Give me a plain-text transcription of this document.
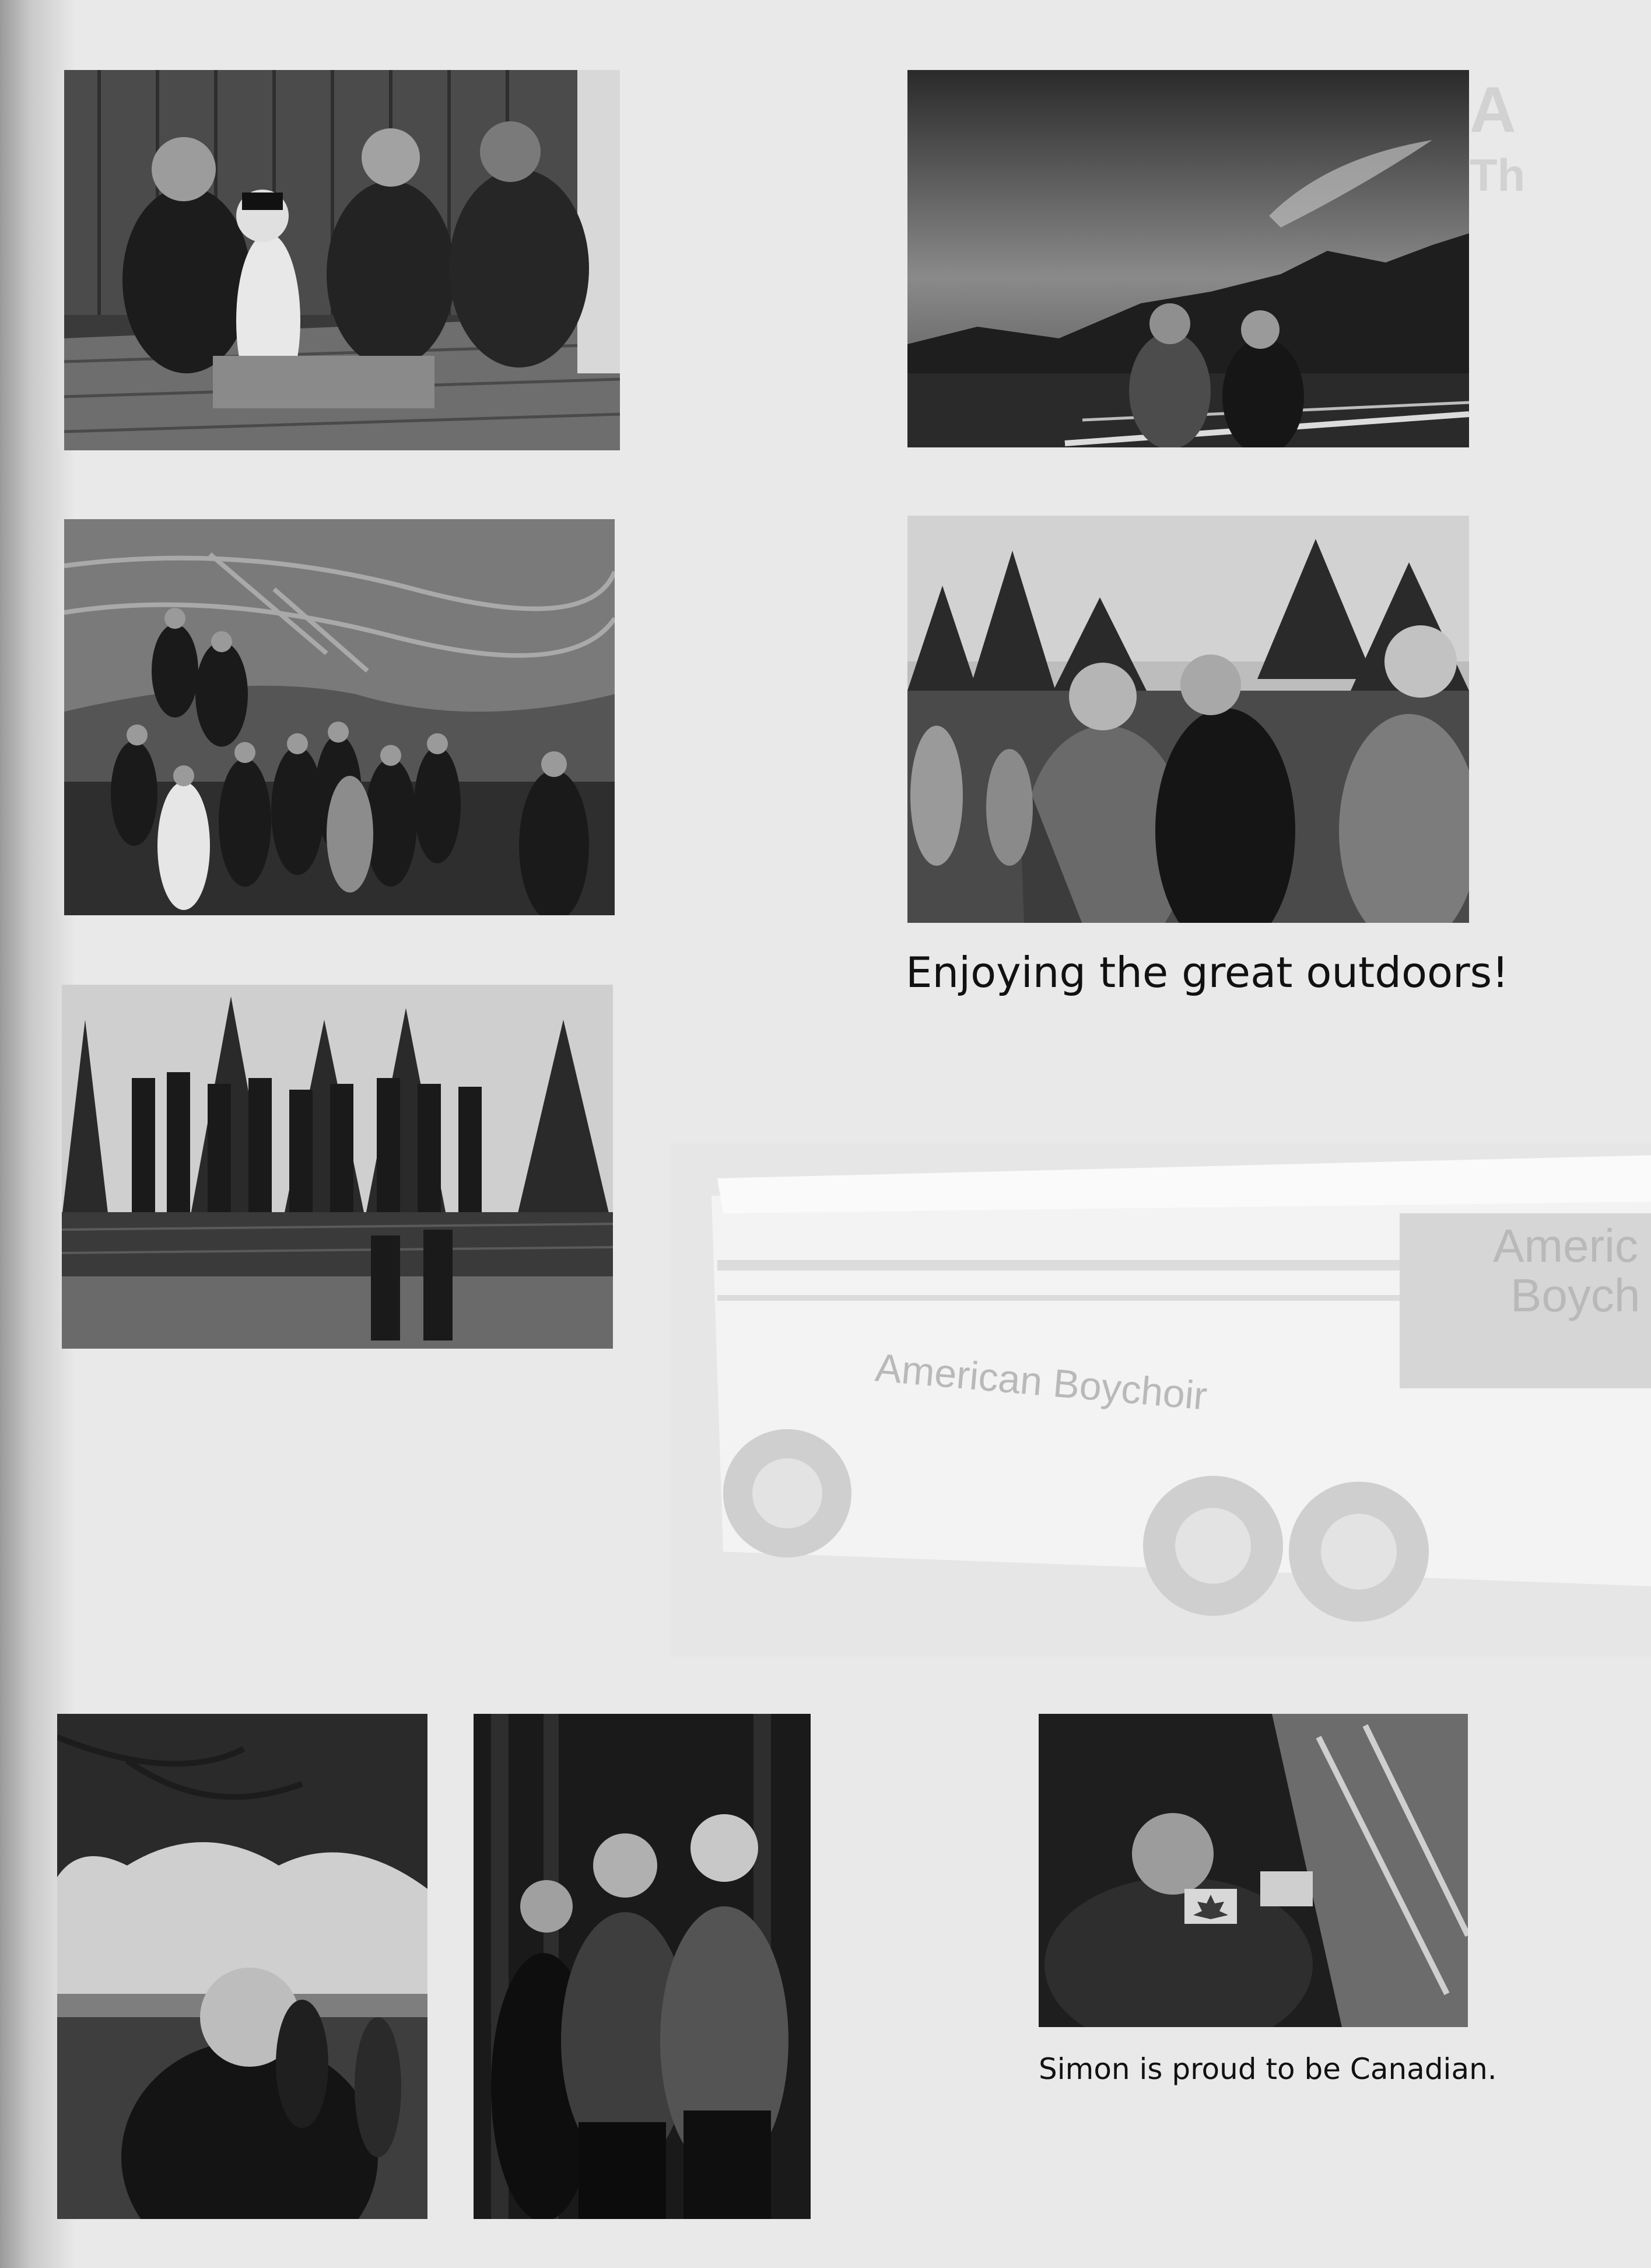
A
Th
American Boychoir
Americ
Boych
Enjoying the great outdoors!
Simon is proud to be Canadian.
